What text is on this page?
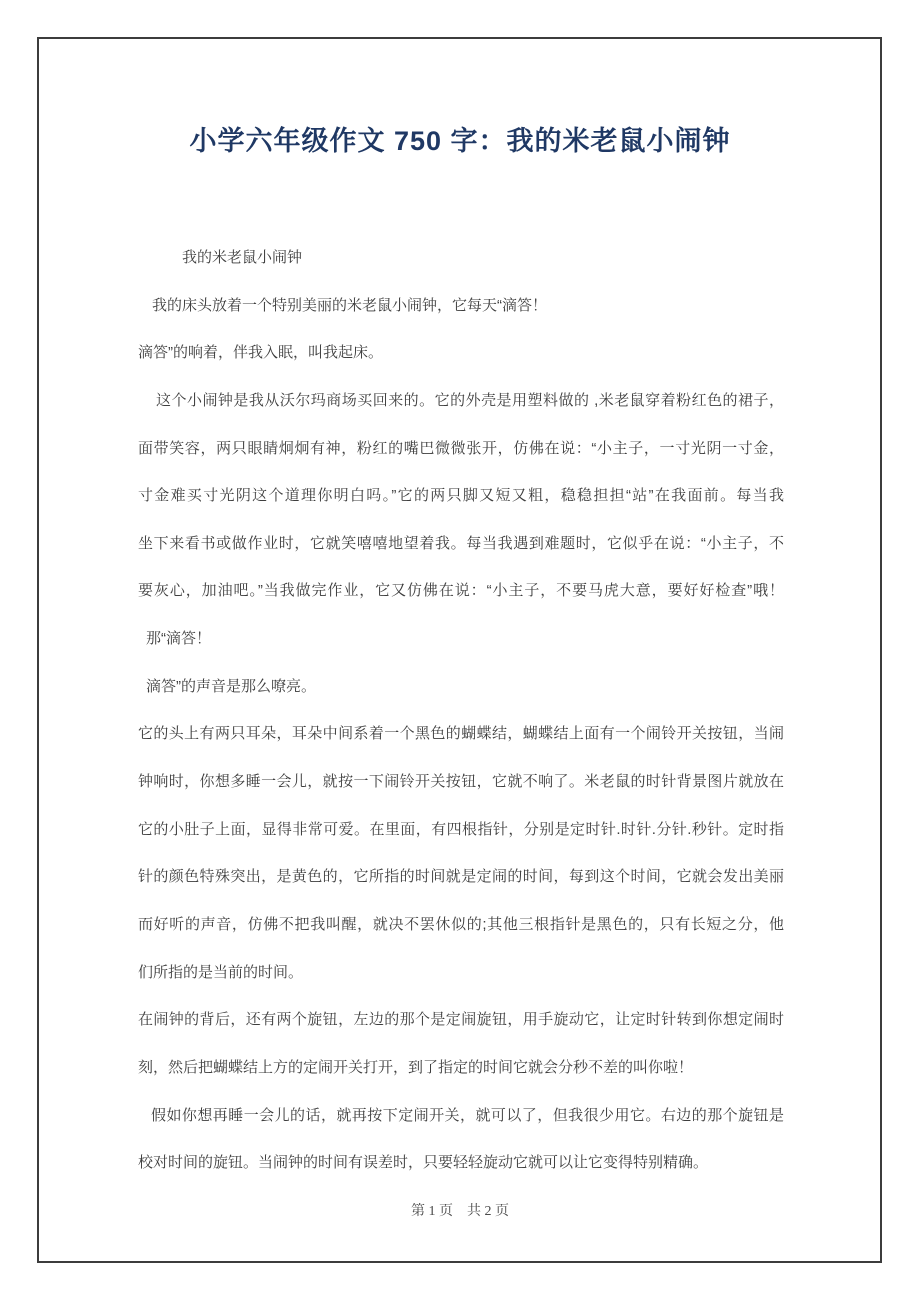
小学六年级作文 750 字：我的米老鼠小闹钟
我的米老鼠小闹钟
我的床头放着一个特别美丽的米老鼠小闹钟，它每天“滴答！
滴答”的响着，伴我入眠，叫我起床。
这个小闹钟是我从沃尔玛商场买回来的。它的外壳是用塑料做的 ,米老鼠穿着粉红色的裙子，
面带笑容，两只眼睛炯炯有神，粉红的嘴巴微微张开，仿佛在说：“小主子，一寸光阴一寸金，
寸金难买寸光阴这个道理你明白吗。”它的两只脚又短又粗，稳稳担担“站”在我面前。每当我
坐下来看书或做作业时，它就笑嘻嘻地望着我。每当我遇到难题时，它似乎在说：“小主子，不
要灰心，加油吧。”当我做完作业，它又仿佛在说：“小主子，不要马虎大意，要好好检查”哦！
那“滴答！
滴答”的声音是那么嘹亮。
它的头上有两只耳朵，耳朵中间系着一个黑色的蝴蝶结，蝴蝶结上面有一个闹铃开关按钮，当闹
钟响时，你想多睡一会儿，就按一下闹铃开关按钮，它就不响了。米老鼠的时针背景图片就放在
它的小肚子上面，显得非常可爱。在里面，有四根指针，分别是定时针.时针.分针.秒针。定时指
针的颜色特殊突出，是黄色的，它所指的时间就是定闹的时间，每到这个时间，它就会发出美丽
而好听的声音，仿佛不把我叫醒，就决不罢休似的;其他三根指针是黑色的，只有长短之分，他
们所指的是当前的时间。
在闹钟的背后，还有两个旋钮，左边的那个是定闹旋钮，用手旋动它，让定时针转到你想定闹时
刻，然后把蝴蝶结上方的定闹开关打开，到了指定的时间它就会分秒不差的叫你啦！
假如你想再睡一会儿的话，就再按下定闹开关，就可以了，但我很少用它。右边的那个旋钮是
校对时间的旋钮。当闹钟的时间有误差时，只要轻轻旋动它就可以让它变得特别精确。
第 1 页　共 2 页
